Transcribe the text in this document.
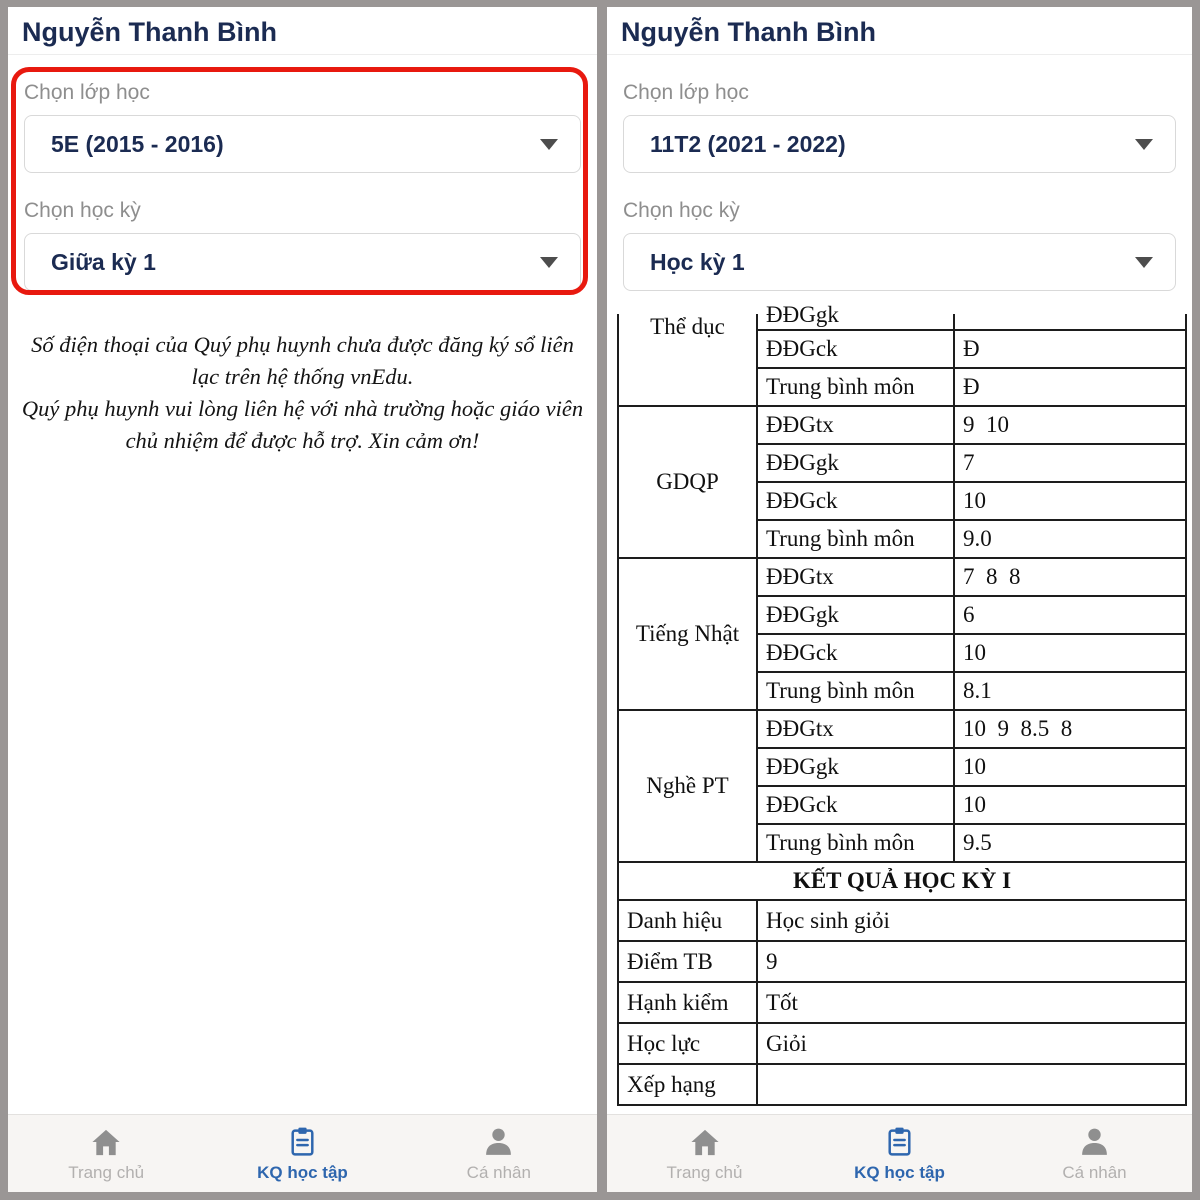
Nguyễn Thanh Bình
Chọn lớp học
5E (2015 - 2016)
Chọn học kỳ
Giữa kỳ 1
Số điện thoại của Quý phụ huynh chưa được đăng ký sổ liên lạc trên hệ thống vnEdu.
Quý phụ huynh vui lòng liên hệ với nhà trường hoặc giáo viên chủ nhiệm để được hỗ trợ. Xin cảm ơn!
Trang chủ	KQ học tập	Cá nhân
Nguyễn Thanh Bình
Chọn lớp học
11T2 (2021 - 2022)
Chọn học kỳ
Học kỳ 1
Thể dục	ĐĐGgk	

	ĐĐGck	Đ
	Trung bình môn	Đ
GDQP	ĐĐGtx	9  10
	ĐĐGgk	7
	ĐĐGck	10
	Trung bình môn	9.0
Tiếng Nhật	ĐĐGtx	7  8  8
	ĐĐGgk	6
	ĐĐGck	10
	Trung bình môn	8.1
Nghề PT	ĐĐGtx	10  9  8.5  8
	ĐĐGgk	10
	ĐĐGck	10
	Trung bình môn	9.5
KẾT QUẢ HỌC KỲ I		
Danh hiệu	Học sinh giỏi	
Điểm TB	9	
Hạnh kiểm	Tốt	
Học lực	Giỏi	
Xếp hạng		
Trang chủ	KQ học tập	Cá nhân
